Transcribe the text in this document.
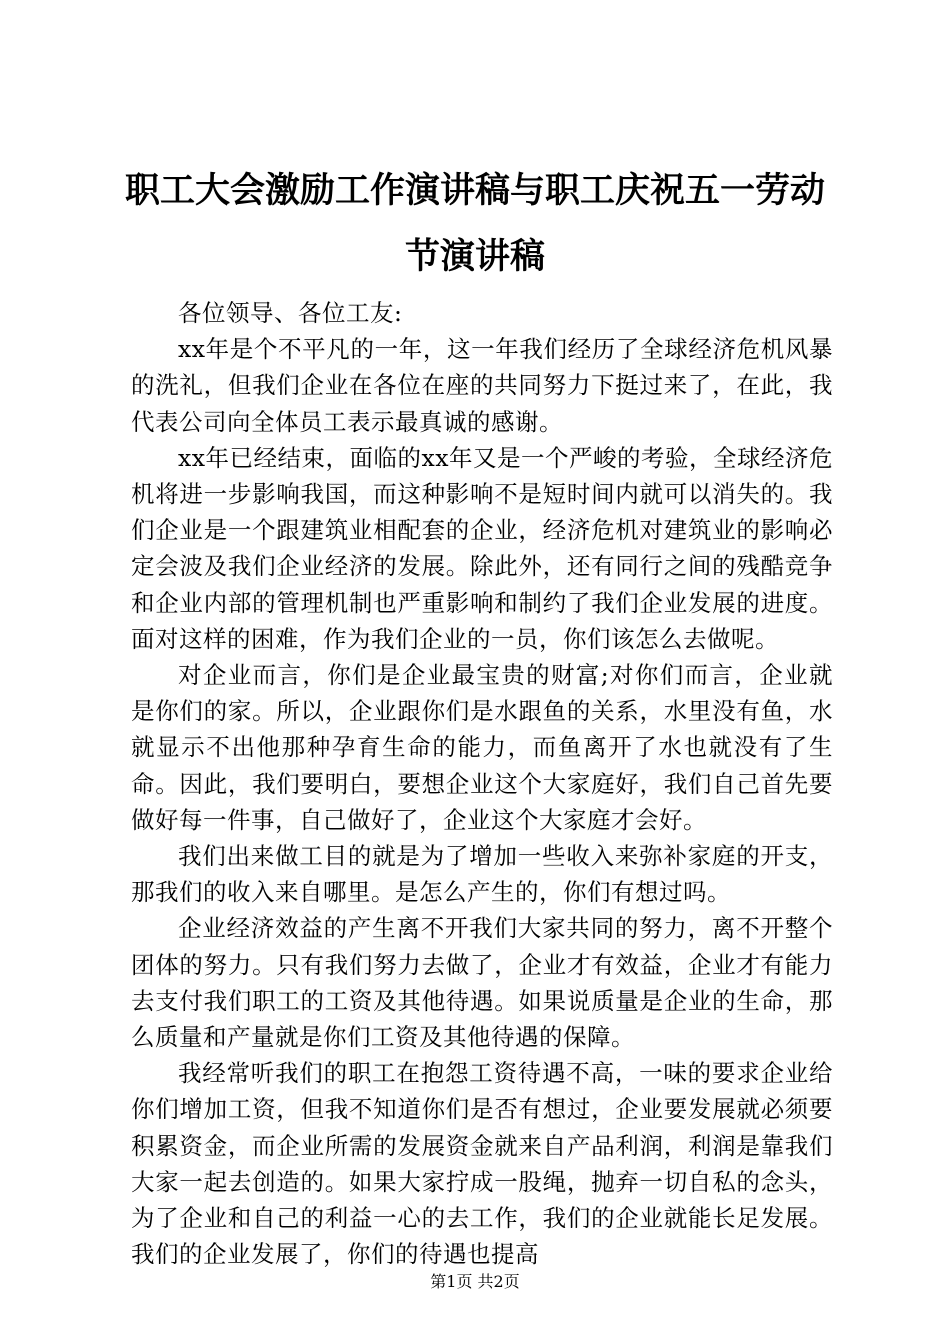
职工大会激励工作演讲稿与职工庆祝五一劳动节演讲稿

各位领导、各位工友:

xx年是个不平凡的一年，这一年我们经历了全球经济危机风暴的洗礼，但我们企业在各位在座的共同努力下挺过来了，在此，我代表公司向全体员工表示最真诚的感谢。

xx年已经结束，面临的xx年又是一个严峻的考验，全球经济危机将进一步影响我国，而这种影响不是短时间内就可以消失的。我们企业是一个跟建筑业相配套的企业，经济危机对建筑业的影响必定会波及我们企业经济的发展。除此外，还有同行之间的残酷竞争和企业内部的管理机制也严重影响和制约了我们企业发展的进度。面对这样的困难，作为我们企业的一员，你们该怎么去做呢。

对企业而言，你们是企业最宝贵的财富;对你们而言，企业就是你们的家。所以，企业跟你们是水跟鱼的关系，水里没有鱼，水就显示不出他那种孕育生命的能力，而鱼离开了水也就没有了生命。因此，我们要明白，要想企业这个大家庭好，我们自己首先要做好每一件事，自己做好了，企业这个大家庭才会好。

我们出来做工目的就是为了增加一些收入来弥补家庭的开支，那我们的收入来自哪里。是怎么产生的，你们有想过吗。

企业经济效益的产生离不开我们大家共同的努力，离不开整个团体的努力。只有我们努力去做了，企业才有效益，企业才有能力去支付我们职工的工资及其他待遇。如果说质量是企业的生命，那么质量和产量就是你们工资及其他待遇的保障。

我经常听我们的职工在抱怨工资待遇不高，一味的要求企业给你们增加工资，但我不知道你们是否有想过，企业要发展就必须要积累资金，而企业所需的发展资金就来自产品利润，利润是靠我们大家一起去创造的。如果大家拧成一股绳，抛弃一切自私的念头，为了企业和自己的利益一心的去工作，我们的企业就能长足发展。我们的企业发展了，你们的待遇也提高

第1页 共2页
